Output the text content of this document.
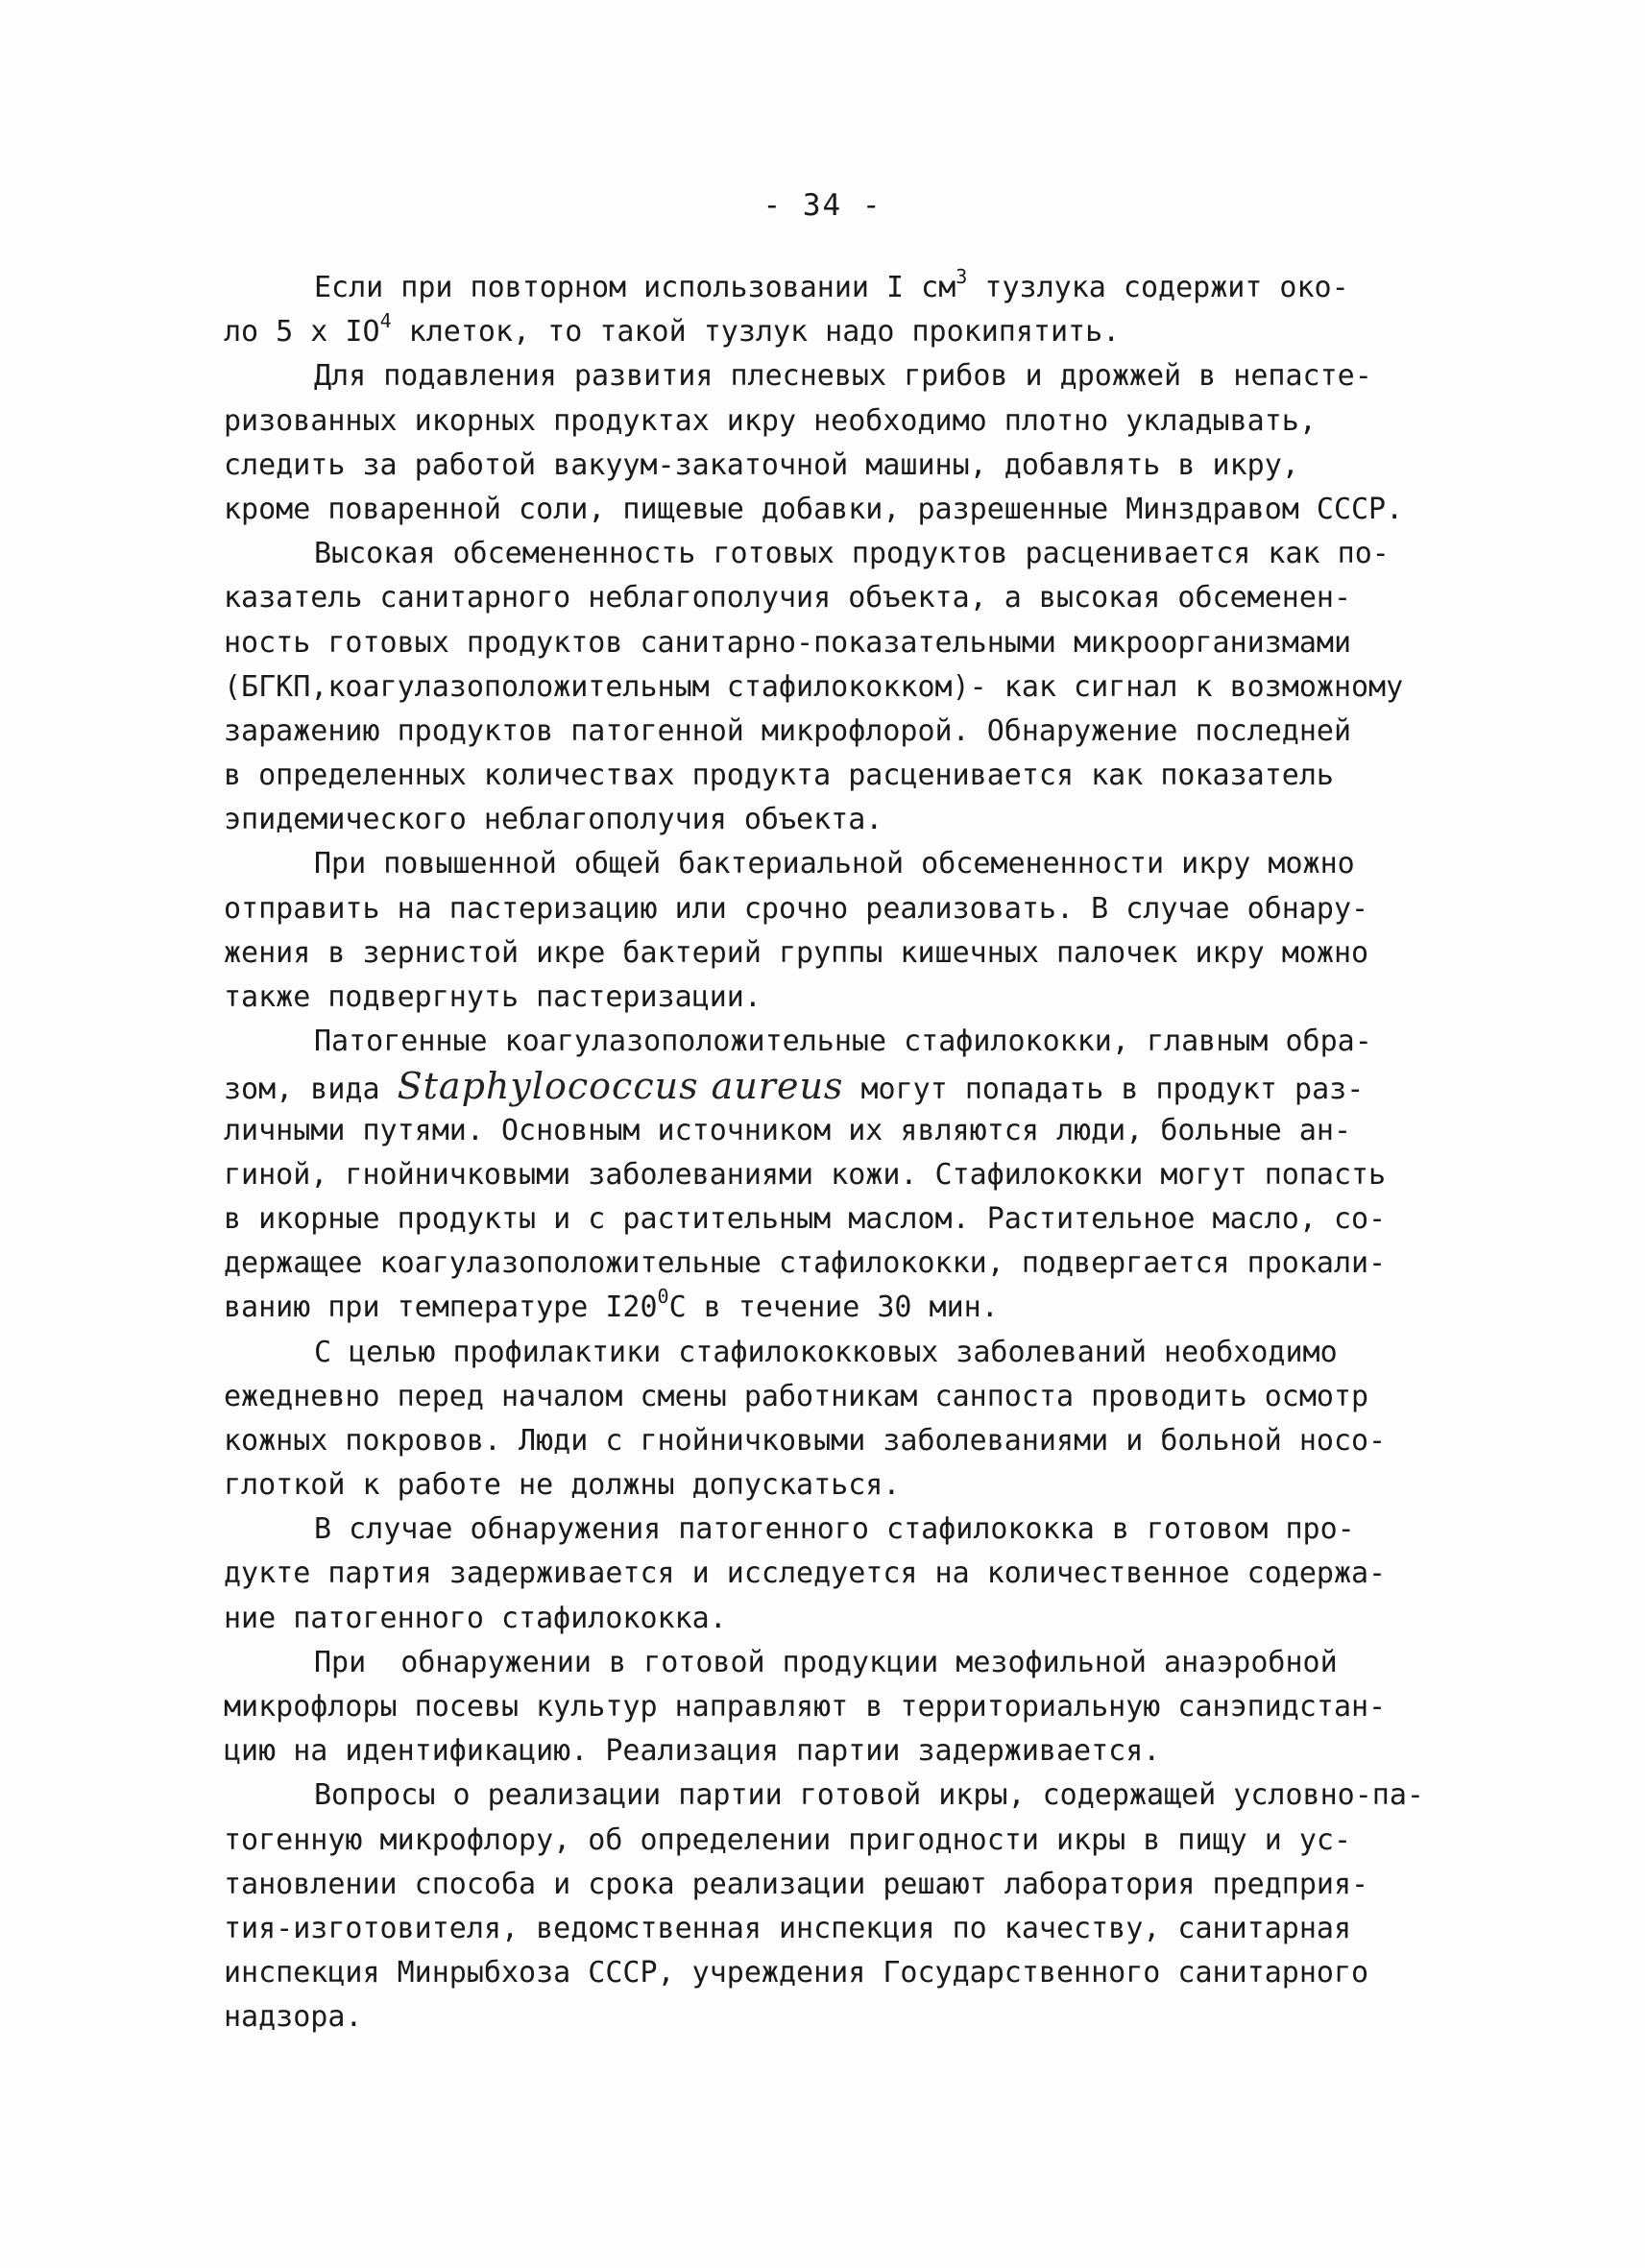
- 34 -
Если при повторном использовании I $см^3$ тузлука содержит око-
ло 5 х $IO^4$ клеток, то такой тузлук надо прокипятить.
Для подавления развития плесневых грибов и дрожжей в непасте-
ризованных икорных продуктах икру необходимо плотно укладывать,
следить за работой вакуум-закаточной машины, добавлять в икру,
кроме поваренной соли, пищевые добавки, разрешенные Минздравом СССР.
Высокая обсемененность готовых продуктов расценивается как по-
казатель санитарного неблагополучия объекта, а высокая обсеменен-
ность готовых продуктов санитарно-показательными микроорганизмами
(БГКП,коагулазоположительным стафилококком)- как сигнал к возможному
заражению продуктов патогенной микрофлорой. Обнаружение последней
в определенных количествах продукта расценивается как показатель
эпидемического неблагополучия объекта.
При повышенной общей бактериальной обсемененности икру можно
отправить на пастеризацию или срочно реализовать. В случае обнару-
жения в зернистой икре бактерий группы кишечных палочек икру можно
также подвергнуть пастеризации.
Патогенные коагулазоположительные стафилококки, главным обра-
зом, вида Staphylococcus aureus могут попадать в продукт раз-
личными путями. Основным источником их являются люди, больные ан-
гиной, гнойничковыми заболеваниями кожи. Стафилококки могут попасть
в икорные продукты и с растительным маслом. Растительное масло, со-
держащее коагулазоположительные стафилококки, подвергается прокали-
ванию при температуре $I20^0С$ в течение 30 мин.
С целью профилактики стафилококковых заболеваний необходимо
ежедневно перед началом смены работникам санпоста проводить осмотр
кожных покровов. Люди с гнойничковыми заболеваниями и больной носо-
глоткой к работе не должны допускаться.
В случае обнаружения патогенного стафилококка в готовом про-
дукте партия задерживается и исследуется на количественное содержа-
ние патогенного стафилококка.
При  обнаружении в готовой продукции мезофильной анаэробной
микрофлоры посевы культур направляют в территориальную санэпидстан-
цию на идентификацию. Реализация партии задерживается.
Вопросы о реализации партии готовой икры, содержащей условно-па-
тогенную микрофлору, об определении пригодности икры в пищу и ус-
тановлении способа и срока реализации решают лаборатория предприя-
тия-изготовителя, ведомственная инспекция по качеству, санитарная
инспекция Минрыбхоза СССР, учреждения Государственного санитарного
надзора.
